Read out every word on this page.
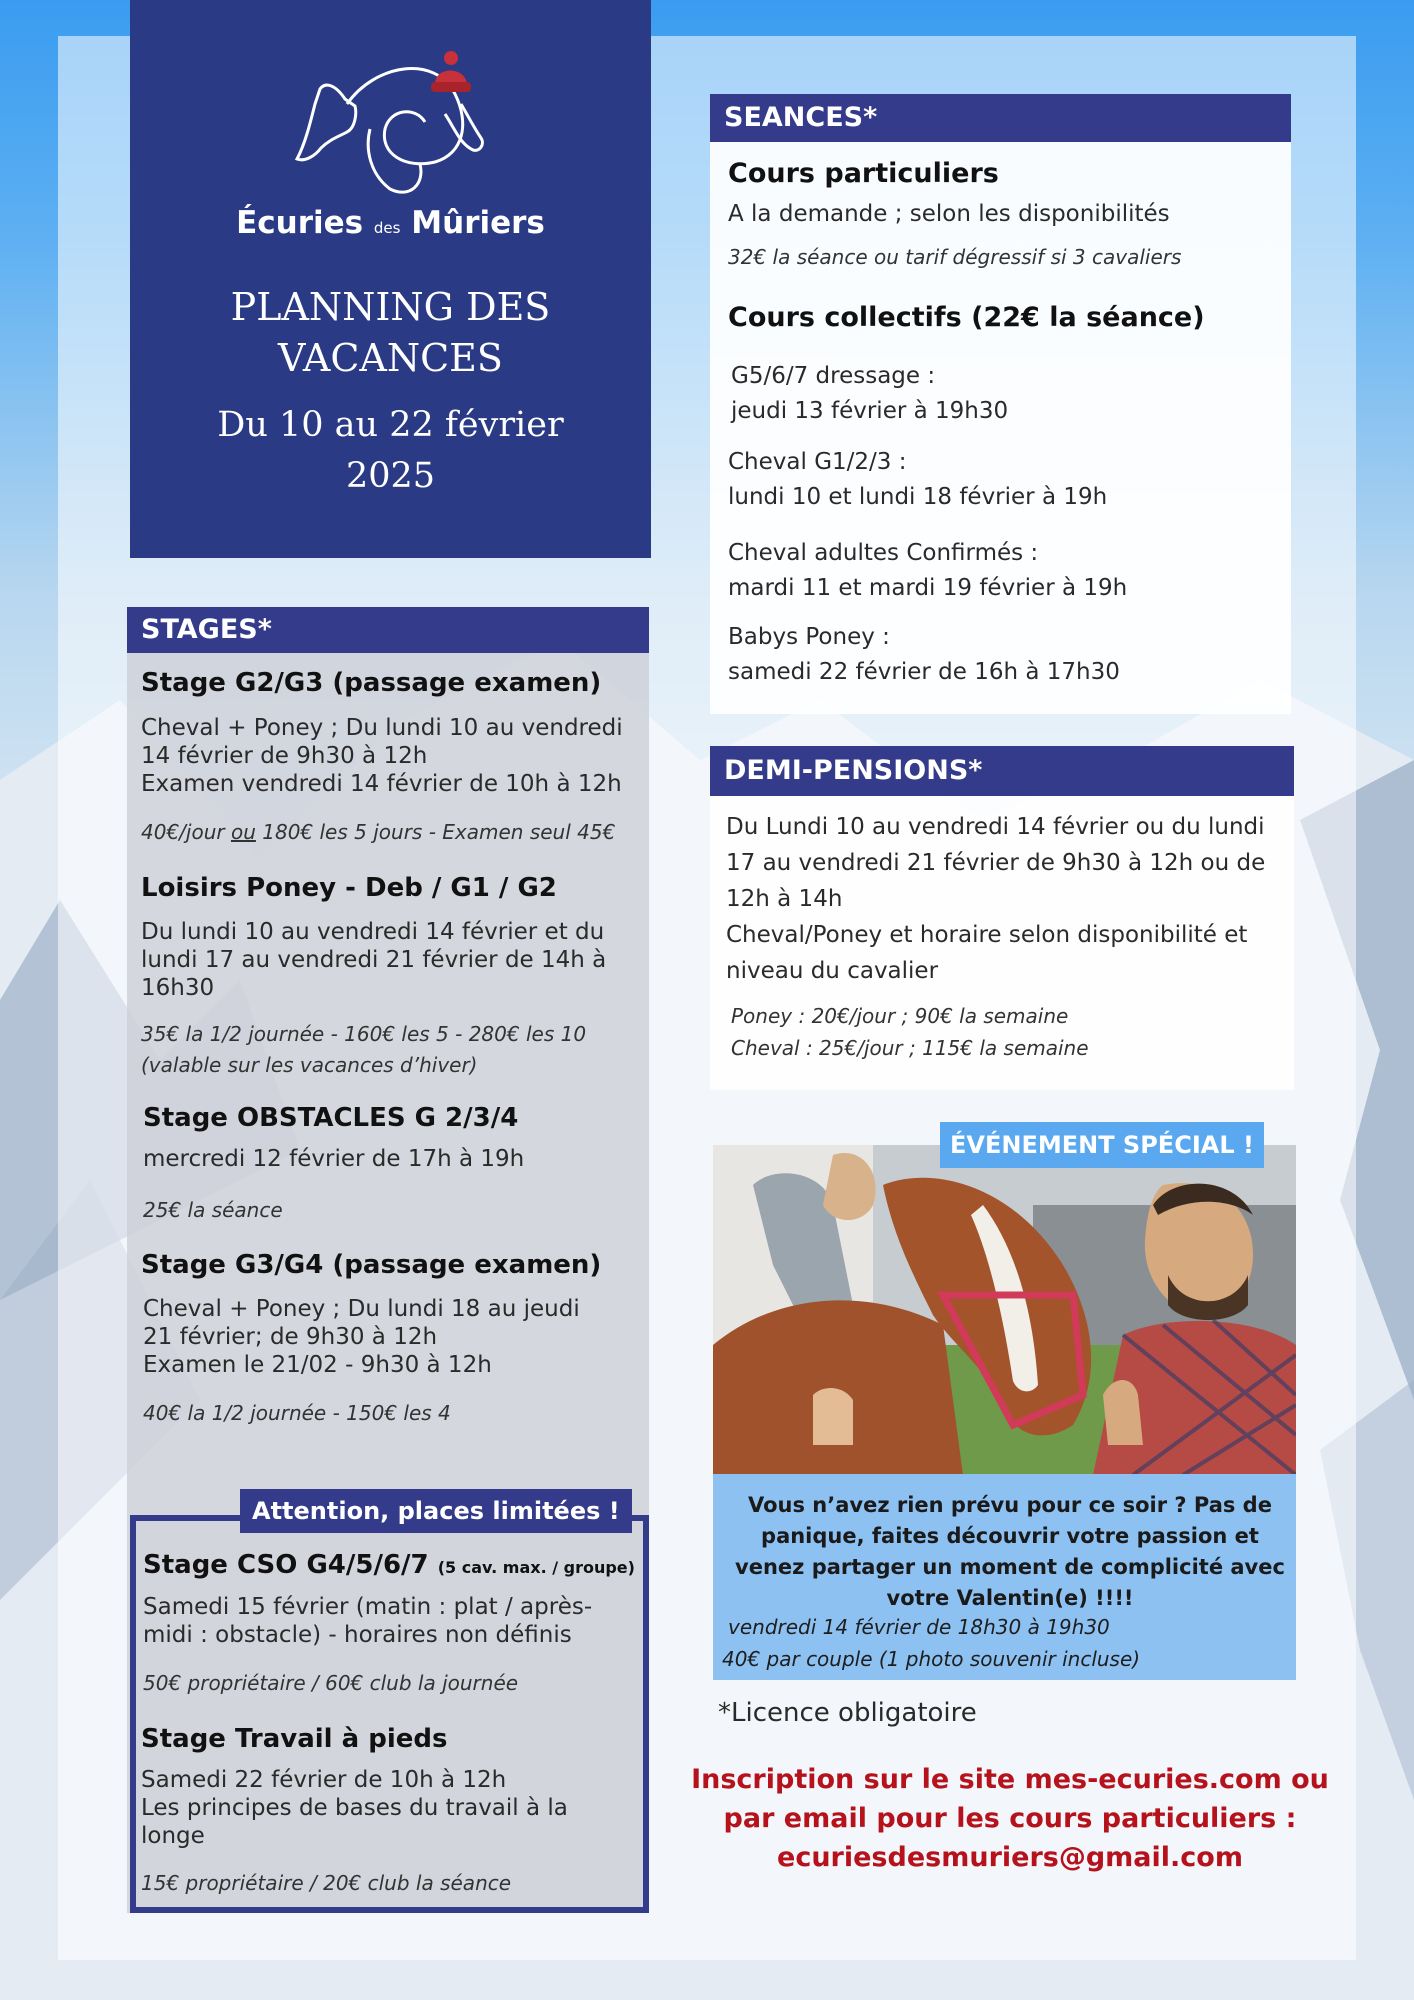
Écuries des Mûriers
PLANNING DES
VACANCES
Du 10 au 22 février
2025
STAGES*
Stage G2/G3 (passage examen)
Cheval + Poney ; Du lundi 10 au vendredi
14 février de 9h30 à 12h
Examen vendredi 14 février de 10h à 12h
40€/jour ou 180€ les 5 jours - Examen seul 45€
Loisirs Poney - Deb / G1 / G2
Du lundi 10 au vendredi 14 février et du
lundi 17 au vendredi 21 février de 14h à
16h30
35€ la 1/2 journée - 160€ les 5 - 280€ les 10
(valable sur les vacances d’hiver)
Stage OBSTACLES G 2/3/4
mercredi 12 février de 17h à 19h
25€ la séance
Stage G3/G4 (passage examen)
Cheval + Poney ; Du lundi 18 au jeudi
21 février; de 9h30 à 12h
Examen le 21/02 - 9h30 à 12h
40€ la 1/2 journée - 150€ les 4
Attention, places limitées !
Stage CSO G4/5/6/7 (5 cav. max. / groupe)
Samedi 15 février (matin : plat / après-
midi : obstacle) - horaires non définis
50€ propriétaire / 60€ club la journée
Stage Travail à pieds
Samedi 22 février de 10h à 12h
Les principes de bases du travail à la
longe
15€ propriétaire / 20€ club la séance
SEANCES*
Cours particuliers
A la demande ; selon les disponibilités
32€ la séance ou tarif dégressif si 3 cavaliers
Cours collectifs (22€ la séance)
G5/6/7 dressage :
jeudi 13 février à 19h30
Cheval G1/2/3 :
lundi 10 et lundi 18 février à 19h
Cheval adultes Confirmés :
mardi 11 et mardi 19 février à 19h
Babys Poney :
samedi 22 février de 16h à 17h30
DEMI-PENSIONS*
Du Lundi 10 au vendredi 14 février ou du lundi
17 au vendredi 21 février de 9h30 à 12h ou de
12h à 14h
Cheval/Poney et horaire selon disponibilité et
niveau du cavalier
Poney : 20€/jour ; 90€ la semaine
Cheval : 25€/jour ; 115€ la semaine
ÉVÉNEMENT SPÉCIAL !
Vous n’avez rien prévu pour ce soir ? Pas de
panique, faites découvrir votre passion et
venez partager un moment de complicité avec
votre Valentin(e) !!!!
vendredi 14 février de 18h30 à 19h30
40€ par couple (1 photo souvenir incluse)
*Licence obligatoire
Inscription sur le site mes-ecuries.com ou
par email pour les cours particuliers :
ecuriesdesmuriers@gmail.com
